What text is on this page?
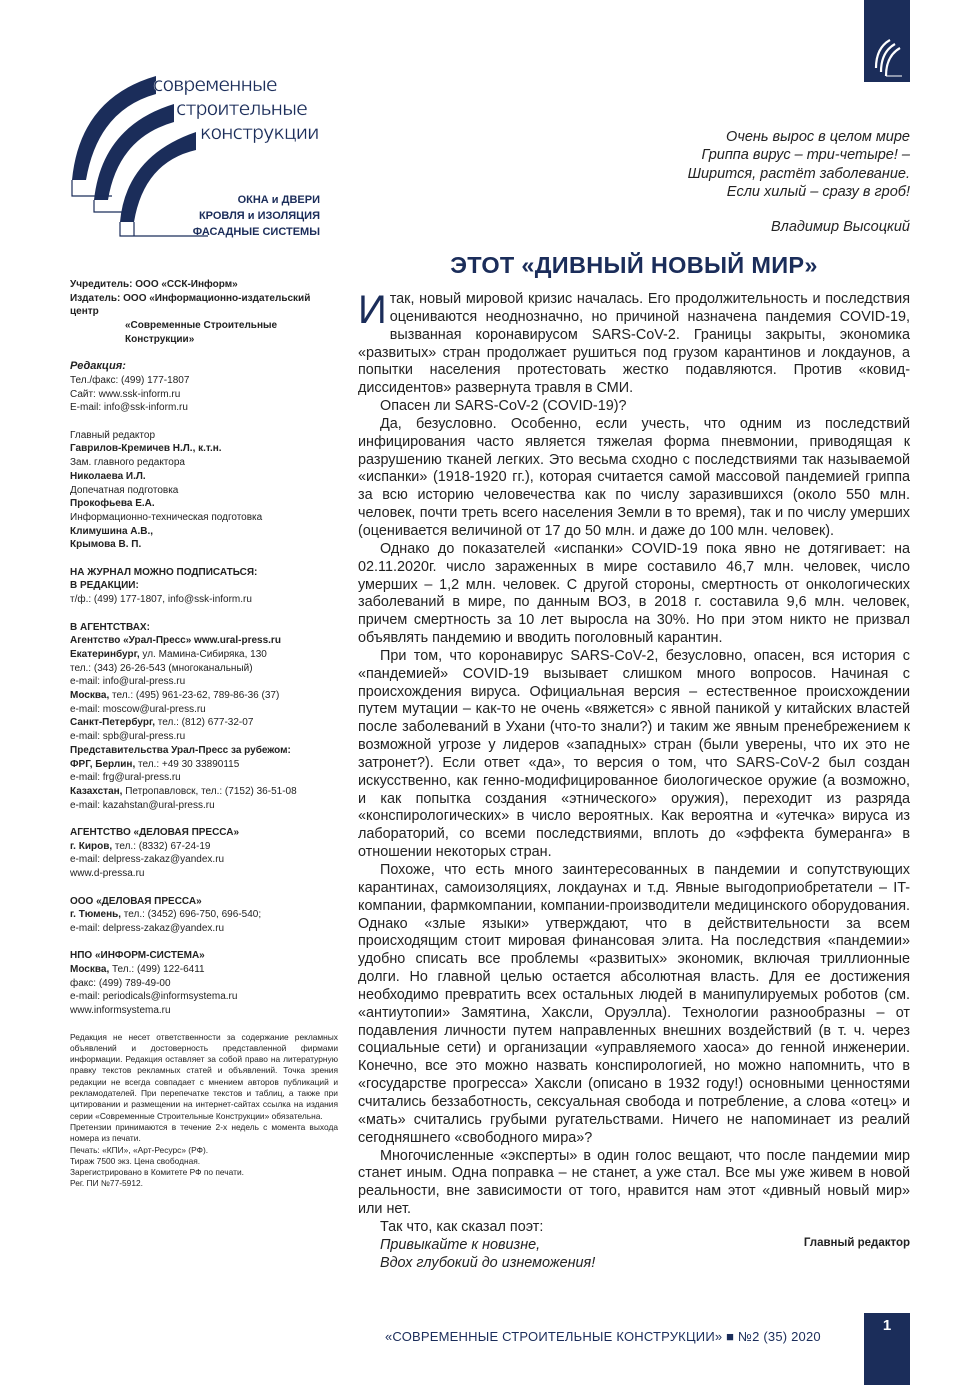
современные
строительные
конструкции
ОКНА и ДВЕРИ
КРОВЛЯ и ИЗОЛЯЦИЯ
ФАСАДНЫЕ СИСТЕМЫ
Учредитель: ООО «ССК-Информ»
Издатель: ООО «Информационно-издательский центр
«Современные Строительные Конструкции»
Редакция:
Тел./факс: (499) 177-1807
Сайт: www.ssk-inform.ru
E-mail: info@ssk-inform.ru
Главный редактор
Гаврилов-Кремичев Н.Л., к.т.н.
Зам. главного редактора
Николаева И.Л.
Допечатная подготовка
Прокофьева Е.А.
Информационно-техническая подготовка
Климушина А.В.,
Крымова В. П.
НА ЖУРНАЛ МОЖНО ПОДПИСАТЬСЯ:
В РЕДАКЦИИ:
т/ф.: (499) 177-1807, info@ssk-inform.ru
В АГЕНТСТВАХ:
Агентство «Урал-Пресс» www.ural-press.ru
Екатеринбург, ул. Мамина-Сибиряка, 130
тел.: (343) 26-26-543 (многоканальный)
e-mail: info@ural-press.ru
Москва, тел.: (495) 961-23-62, 789-86-36 (37)
e-mail: moscow@ural-press.ru
Санкт-Петербург, тел.: (812) 677-32-07
e-mail: spb@ural-press.ru
Представительства Урал-Пресс за рубежом:
ФРГ, Берлин, тел.: +49 30 33890115
e-mail: frg@ural-press.ru
Казахстан, Петропавловск, тел.: (7152) 36-51-08
e-mail: kazahstan@ural-press.ru
АГЕНТСТВО «ДЕЛОВАЯ ПРЕССА»
г. Киров, тел.: (8332) 67-24-19
e-mail: delpress-zakaz@yandex.ru
www.d-pressa.ru
ООО «ДЕЛОВАЯ ПРЕССА»
г. Тюмень, тел.: (3452) 696-750, 696-540;
e-mail: delpress-zakaz@yandex.ru
НПО «ИНФОРМ-СИСТЕМА»
Москва, Тел.: (499) 122-6411
факс: (499) 789-49-00
e-mail: periodicals@informsystema.ru
www.informsystema.ru
Редакция не несет ответственности за содержание рекламных объявлений и достоверность представленной фирмами информации. Редакция оставляет за собой право на литературную правку текстов рекламных статей и объявлений. Точка зрения редакции не всегда совпадает с мнением авторов публикаций и рекламодателей. При перепечатке текстов и таблиц, а также при цитировании и размещении на интернет-сайтах ссылка на издания серии «Современные Строительные Конструкции» обязательна.
Претензии принимаются в течение 2-х недель с момента выхода номера из печати.
Печать: «КПИ», «Арт-Ресурс» (РФ).
Тираж 7500 экз. Цена свободная.
Зарегистрировано в Комитете РФ по печати.
Рег. ПИ №77-5912.
Очень вырос в целом мире
Гриппа вирус – три-четыре! –
Ширится, растёт заболевание.
Если хилый – сразу в гроб!
Владимир Высоцкий
ЭТОТ «ДИВНЫЙ НОВЫЙ МИР»

Итак, новый мировой кризис началась. Его продолжительность и последствия оцениваются неоднозначно, но причиной назначена пандемия COVID-19, вызванная коронавирусом SARS-CoV-2. Границы закрыты, экономика «развитых» стран продолжает рушиться под грузом карантинов и локдаунов, а попытки населения протестовать жестко подавляются. Против «ковид-диссидентов» развернута травля в СМИ.

Опасен ли SARS-CoV-2 (COVID-19)?

Да, безусловно. Особенно, если учесть, что одним из последствий инфицирования часто является тяжелая форма пневмонии, приводящая к разрушению тканей легких. Это весьма сходно с последствиями так называемой «испанки» (1918-1920 гг.), которая считается самой массовой пандемией гриппа за всю историю человечества как по числу заразившихся (около 550 млн. человек, почти треть всего населения Земли в то время), так и по числу умерших (оценивается величиной от 17 до 50 млн. и даже до 100 млн. человек).

Однако до показателей «испанки» COVID-19 пока явно не дотягивает: на 02.11.2020г. число зараженных в мире составило 46,7 млн. человек, число умерших – 1,2 млн. человек. С другой стороны, смертность от онкологических заболеваний в мире, по данным ВОЗ, в 2018 г. составила 9,6 млн. человек, причем смертность за 10 лет выросла на 30%. Но при этом никто не призвал объявлять пандемию и вводить поголовный карантин.

При том, что коронавирус SARS-CoV-2, безусловно, опасен, вся история с «пандемией» COVID-19 вызывает слишком много вопросов. Начиная с происхождения вируса. Официальная версия – естественное происхождении путем мутации – как-то не очень «вяжется» с явной паникой у китайских властей после заболеваний в Ухани (что-то знали?) и таким же явным пренебрежением к возможной угрозе у лидеров «западных» стран (были уверены, что их это не затронет?). Если ответ «да», то версия о том, что SARS-CoV-2 был создан искусственно, как генно-модифицированное биологическое оружие (а возможно, и как попытка создания «этнического» оружия), переходит из разряда «конспирологических» в число вероятных. Как вероятна и «утечка» вируса из лабораторий, со всеми последствиями, вплоть до «эффекта бумеранга» в отношении некоторых стран.

Похоже, что есть много заинтересованных в пандемии и сопутствующих карантинах, самоизоляциях, локдаунах и т.д. Явные выгодоприобретатели – IT-компании, фармкомпании, компании-производители медицинского оборудования. Однако «злые языки» утверждают, что в действительности за всем происходящим стоит мировая финансовая элита. На последствия «пандемии» удобно списать все проблемы «развитых» экономик, включая триллионные долги. Но главной целью остается абсолютная власть. Для ее достижения необходимо превратить всех остальных людей в манипулируемых роботов (см. «антиутопии» Замятина, Хаксли, Оруэлла). Технологии разнообразны – от подавления личности путем направленных внешних воздействий (в т. ч. через социальные сети) и организации «управляемого хаоса» до генной инженерии. Конечно, все это можно назвать конспирологией, но можно напомнить, что в «государстве прогресса» Хаксли (описано в 1932 году!) основными ценностями считались беззаботность, сексуальная свобода и потребление, а слова «отец» и «мать» считались грубыми ругательствами. Ничего не напоминает из реалий сегодняшнего «свободного мира»?

Многочисленные «эксперты» в один голос вещают, что после пандемии мир станет иным. Одна поправка – не станет, а уже стал. Все мы уже живем в новой реальности, вне зависимости от того, нравится нам этот «дивный новый мир» или нет.

Так что, как сказал поэт:

Привыкайте к новизне,

Вдох глубокий до изнеможения!

Главный редактор
«СОВРЕМЕННЫЕ СТРОИТЕЛЬНЫЕ КОНСТРУКЦИИ» ■ №2 (35) 2020
1
